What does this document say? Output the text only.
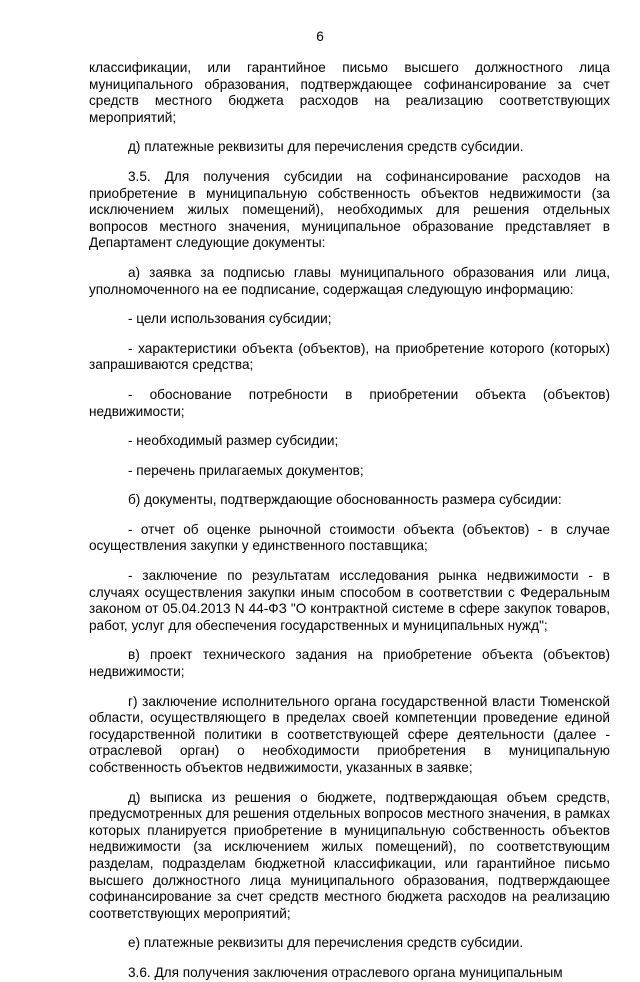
6

классификации, или гарантийное письмо высшего должностного лица муниципального образования, подтверждающее софинансирование за счет средств местного бюджета расходов на реализацию соответствующих мероприятий;

д) платежные реквизиты для перечисления средств субсидии.

3.5. Для получения субсидии на софинансирование расходов на приобретение в муниципальную собственность объектов недвижимости (за исключением жилых помещений), необходимых для решения отдельных вопросов местного значения, муниципальное образование представляет в Департамент следующие документы:

а) заявка за подписью главы муниципального образования или лица, уполномоченного на ее подписание, содержащая следующую информацию:

- цели использования субсидии;

- характеристики объекта (объектов), на приобретение которого (которых) запрашиваются средства;

- обоснование потребности в приобретении объекта (объектов) недвижимости;

- необходимый размер субсидии;

- перечень прилагаемых документов;

б) документы, подтверждающие обоснованность размера субсидии:

- отчет об оценке рыночной стоимости объекта (объектов) - в случае осуществления закупки у единственного поставщика;

- заключение по результатам исследования рынка недвижимости - в случаях осуществления закупки иным способом в соответствии с Федеральным законом от 05.04.2013 N 44-ФЗ "О контрактной системе в сфере закупок товаров, работ, услуг для обеспечения государственных и муниципальных нужд";

в) проект технического задания на приобретение объекта (объектов) недвижимости;

г) заключение исполнительного органа государственной власти Тюменской области, осуществляющего в пределах своей компетенции проведение единой государственной политики в соответствующей сфере деятельности (далее - отраслевой орган) о необходимости приобретения в муниципальную собственность объектов недвижимости, указанных в заявке;

д) выписка из решения о бюджете, подтверждающая объем средств, предусмотренных для решения отдельных вопросов местного значения, в рамках которых планируется приобретение в муниципальную собственность объектов недвижимости (за исключением жилых помещений), по соответствующим разделам, подразделам бюджетной классификации, или гарантийное письмо высшего должностного лица муниципального образования, подтверждающее софинансирование за счет средств местного бюджета расходов на реализацию соответствующих мероприятий;

е) платежные реквизиты для перечисления средств субсидии.

3.6. Для получения заключения отраслевого органа муниципальным
